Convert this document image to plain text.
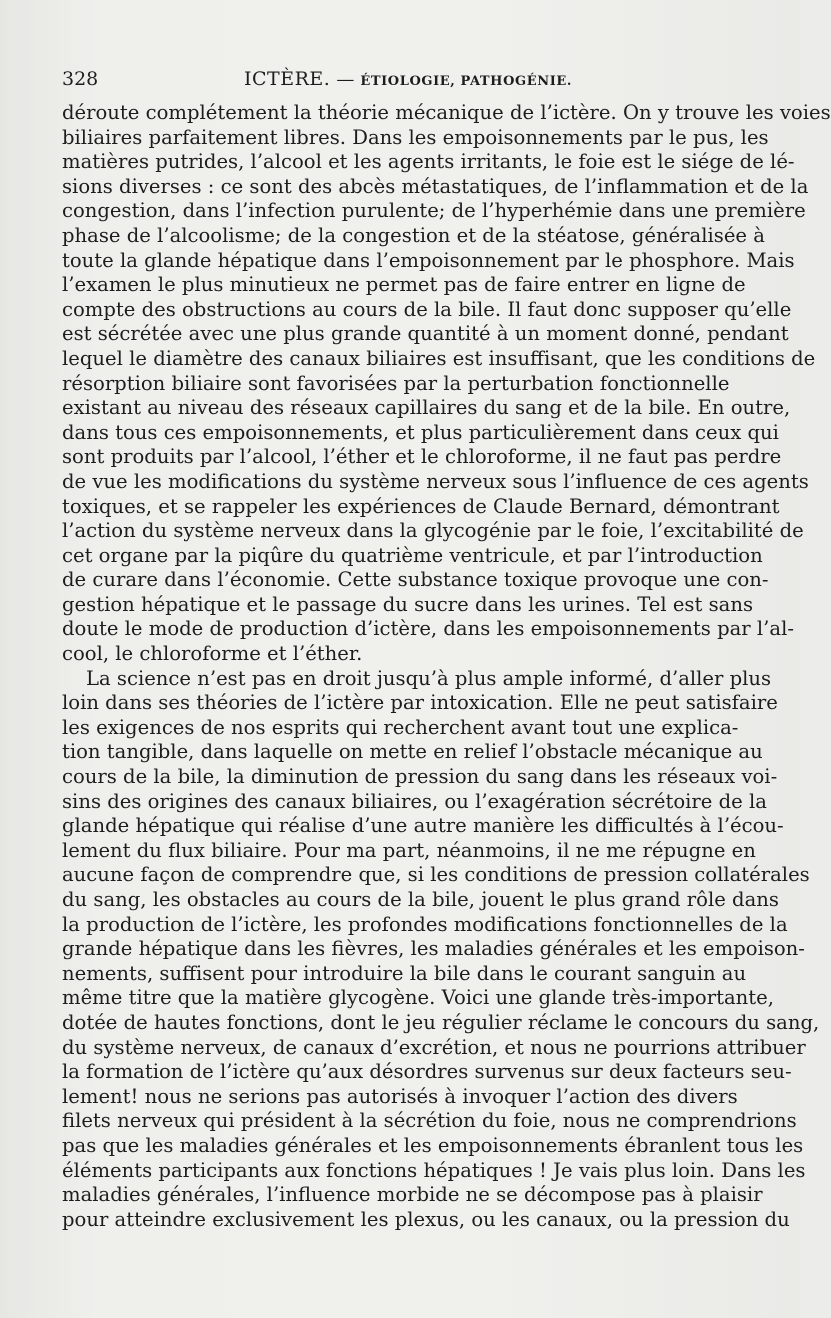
328	ICTÈRE. — ÉTIOLOGIE, PATHOGÉNIE.
déroute complétement la théorie mécanique de l’ictère. On y trouve les voies
biliaires parfaitement libres. Dans les empoisonnements par le pus, les
matières putrides, l’alcool et les agents irritants, le foie est le siége de lé-
sions diverses : ce sont des abcès métastatiques, de l’inflammation et de la
congestion, dans l’infection purulente; de l’hyperhémie dans une première
phase de l’alcoolisme; de la congestion et de la stéatose, généralisée à
toute la glande hépatique dans l’empoisonnement par le phosphore. Mais
l’examen le plus minutieux ne permet pas de faire entrer en ligne de
compte des obstructions au cours de la bile. Il faut donc supposer qu’elle
est sécrétée avec une plus grande quantité à un moment donné, pendant
lequel le diamètre des canaux biliaires est insuffisant, que les conditions de
résorption biliaire sont favorisées par la perturbation fonctionnelle
existant au niveau des réseaux capillaires du sang et de la bile. En outre,
dans tous ces empoisonnements, et plus particulièrement dans ceux qui
sont produits par l’alcool, l’éther et le chloroforme, il ne faut pas perdre
de vue les modifications du système nerveux sous l’influence de ces agents
toxiques, et se rappeler les expériences de Claude Bernard, démontrant
l’action du système nerveux dans la glycogénie par le foie, l’excitabilité de
cet organe par la piqûre du quatrième ventricule, et par l’introduction
de curare dans l’économie. Cette substance toxique provoque une con-
gestion hépatique et le passage du sucre dans les urines. Tel est sans
doute le mode de production d’ictère, dans les empoisonnements par l’al-
cool, le chloroforme et l’éther.
La science n’est pas en droit jusqu’à plus ample informé, d’aller plus
loin dans ses théories de l’ictère par intoxication. Elle ne peut satisfaire
les exigences de nos esprits qui recherchent avant tout une explica-
tion tangible, dans laquelle on mette en relief l’obstacle mécanique au
cours de la bile, la diminution de pression du sang dans les réseaux voi-
sins des origines des canaux biliaires, ou l’exagération sécrétoire de la
glande hépatique qui réalise d’une autre manière les difficultés à l’écou-
lement du flux biliaire. Pour ma part, néanmoins, il ne me répugne en
aucune façon de comprendre que, si les conditions de pression collatérales
du sang, les obstacles au cours de la bile, jouent le plus grand rôle dans
la production de l’ictère, les profondes modifications fonctionnelles de la
grande hépatique dans les fièvres, les maladies générales et les empoison-
nements, suffisent pour introduire la bile dans le courant sanguin au
même titre que la matière glycogène. Voici une glande très-importante,
dotée de hautes fonctions, dont le jeu régulier réclame le concours du sang,
du système nerveux, de canaux d’excrétion, et nous ne pourrions attribuer
la formation de l’ictère qu’aux désordres survenus sur deux facteurs seu-
lement! nous ne serions pas autorisés à invoquer l’action des divers
filets nerveux qui président à la sécrétion du foie, nous ne comprendrions
pas que les maladies générales et les empoisonnements ébranlent tous les
éléments participants aux fonctions hépatiques ! Je vais plus loin. Dans les
maladies générales, l’influence morbide ne se décompose pas à plaisir
pour atteindre exclusivement les plexus, ou les canaux, ou la pression du
